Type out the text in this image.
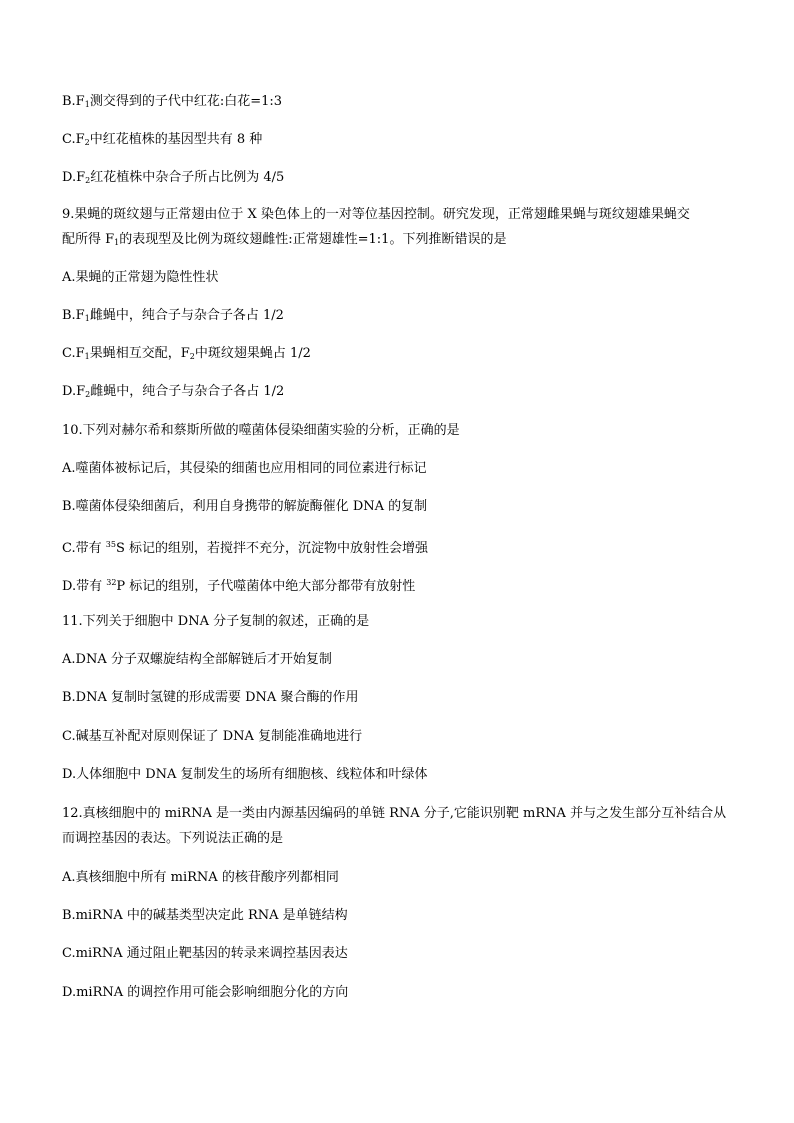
$B.F_1$测交得到的子代中红花:白花=1:3
$C.F_2$中红花植株的基因型共有 8 种
$D.F_2$红花植株中杂合子所占比例为 4/5
9.果蝇的斑纹翅与正常翅由位于 X 染色体上的一对等位基因控制。研究发现，正常翅雌果蝇与斑纹翅雄果蝇交
配所得 $F_1$的表现型及比例为斑纹翅雌性:正常翅雄性=1:1。下列推断错误的是
A.果蝇的正常翅为隐性性状
$B.F_1$雌蝇中，纯合子与杂合子各占 1/2
$C.F_1$果蝇相互交配，$F_2$中斑纹翅果蝇占 1/2
$D.F_2$雌蝇中，纯合子与杂合子各占 1/2
10.下列对赫尔希和蔡斯所做的噬菌体侵染细菌实验的分析，正确的是
A.噬菌体被标记后，其侵染的细菌也应用相同的同位素进行标记
B.噬菌体侵染细菌后，利用自身携带的解旋酶催化 DNA 的复制
C.带有 $^{35}$S 标记的组别，若搅拌不充分，沉淀物中放射性会增强
D.带有 $^{32}$P 标记的组别，子代噬菌体中绝大部分都带有放射性
11.下列关于细胞中 DNA 分子复制的叙述，正确的是
A.DNA 分子双螺旋结构全部解链后才开始复制
B.DNA 复制时氢键的形成需要 DNA 聚合酶的作用
C.碱基互补配对原则保证了 DNA 复制能准确地进行
D.人体细胞中 DNA 复制发生的场所有细胞核、线粒体和叶绿体
12.真核细胞中的 miRNA 是一类由内源基因编码的单链 RNA 分子,它能识别靶 mRNA 并与之发生部分互补结合从
而调控基因的表达。下列说法正确的是
A.真核细胞中所有 miRNA 的核苷酸序列都相同
B.miRNA 中的碱基类型决定此 RNA 是单链结构
C.miRNA 通过阻止靶基因的转录来调控基因表达
D.miRNA 的调控作用可能会影响细胞分化的方向
